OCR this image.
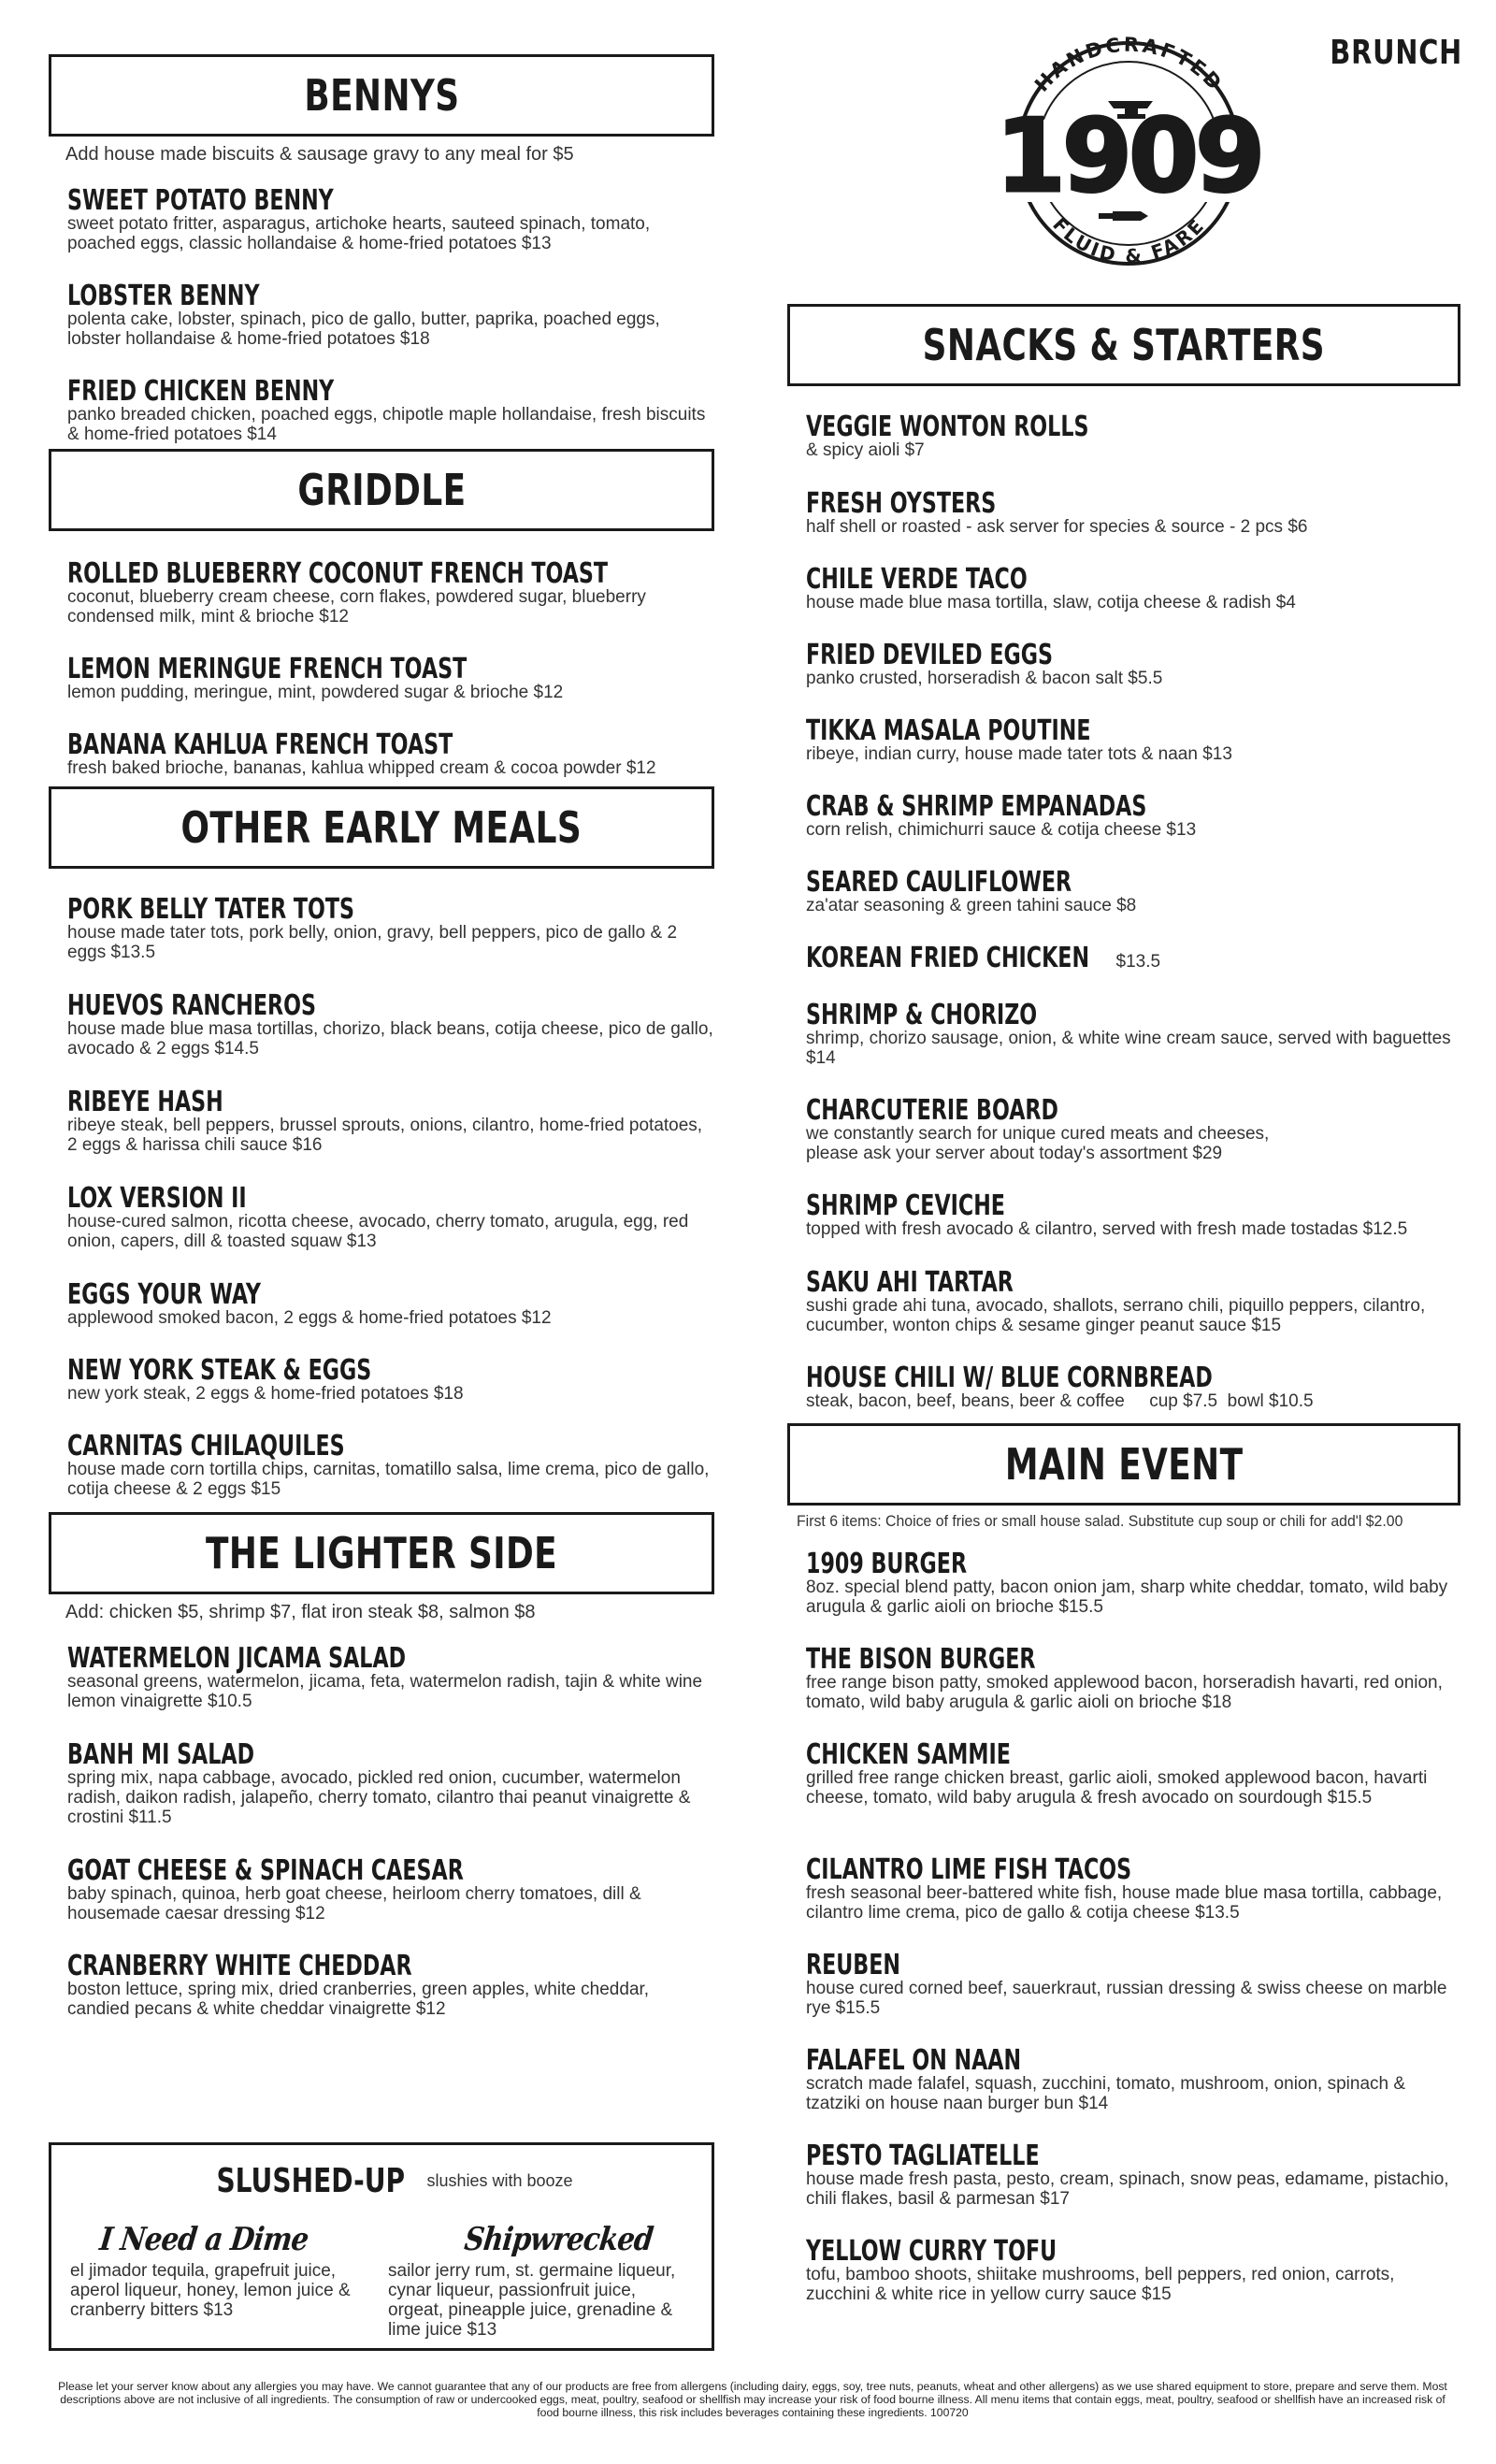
BRUNCH
HANDCRAFTED
FLUID & FARE
1909
BENNYS
Add house made biscuits & sausage gravy to any meal for $5
SWEET POTATO BENNY
sweet potato fritter, asparagus, artichoke hearts, sauteed spinach, tomato, poached eggs, classic hollandaise & home-fried potatoes $13
LOBSTER BENNY
polenta cake, lobster, spinach, pico de gallo, butter, paprika, poached eggs, lobster hollandaise & home-fried potatoes $18
FRIED CHICKEN BENNY
panko breaded chicken, poached eggs, chipotle maple hollandaise, fresh biscuits & home-fried potatoes $14
GRIDDLE
ROLLED BLUEBERRY COCONUT FRENCH TOAST
coconut, blueberry cream cheese, corn flakes, powdered sugar, blueberry condensed milk, mint & brioche $12
LEMON MERINGUE FRENCH TOAST
lemon pudding, meringue, mint, powdered sugar & brioche $12
BANANA KAHLUA FRENCH TOAST
fresh baked brioche, bananas, kahlua whipped cream & cocoa powder $12
OTHER EARLY MEALS
PORK BELLY TATER TOTS
house made tater tots, pork belly, onion, gravy, bell peppers, pico de gallo & 2 eggs $13.5
HUEVOS RANCHEROS
house made blue masa tortillas, chorizo, black beans, cotija cheese, pico de gallo, avocado & 2 eggs $14.5
RIBEYE HASH
ribeye steak, bell peppers, brussel sprouts, onions, cilantro, home-fried potatoes, 2 eggs & harissa chili sauce $16
LOX VERSION II
house-cured salmon, ricotta cheese, avocado, cherry tomato, arugula, egg, red onion, capers, dill & toasted squaw $13
EGGS YOUR WAY
applewood smoked bacon, 2 eggs & home-fried potatoes $12
NEW YORK STEAK & EGGS
new york steak, 2 eggs & home-fried potatoes $18
CARNITAS CHILAQUILES
house made corn tortilla chips, carnitas, tomatillo salsa, lime crema, pico de gallo, cotija cheese & 2 eggs $15
THE LIGHTER SIDE
Add: chicken $5, shrimp $7, flat iron steak $8, salmon $8
WATERMELON JICAMA SALAD
seasonal greens, watermelon, jicama, feta, watermelon radish, tajin & white wine lemon vinaigrette $10.5
BANH MI SALAD
spring mix, napa cabbage, avocado, pickled red onion, cucumber, watermelon radish, daikon radish, jalapeño, cherry tomato, cilantro thai peanut vinaigrette & crostini $11.5
GOAT CHEESE & SPINACH CAESAR
baby spinach, quinoa, herb goat cheese, heirloom cherry tomatoes, dill & housemade caesar dressing $12
CRANBERRY WHITE CHEDDAR
boston lettuce, spring mix, dried cranberries, green apples, white cheddar, candied pecans & white cheddar vinaigrette $12
SLUSHED-UP slushies with booze
I Need a Dime
el jimador tequila, grapefruit juice, aperol liqueur, honey, lemon juice & cranberry bitters $13
Shipwrecked
sailor jerry rum, st. germaine liqueur, cynar liqueur, passionfruit juice, orgeat, pineapple juice, grenadine & lime juice $13
SNACKS & STARTERS
VEGGIE WONTON ROLLS
& spicy aioli $7
FRESH OYSTERS
half shell or roasted - ask server for species & source - 2 pcs $6
CHILE VERDE TACO
house made blue masa tortilla, slaw, cotija cheese & radish $4
FRIED DEVILED EGGS
panko crusted, horseradish & bacon salt $5.5
TIKKA MASALA POUTINE
ribeye, indian curry, house made tater tots & naan $13
CRAB & SHRIMP EMPANADAS
corn relish, chimichurri sauce & cotija cheese $13
SEARED CAULIFLOWER
za'atar seasoning & green tahini sauce $8
KOREAN FRIED CHICKEN $13.5
SHRIMP & CHORIZO
shrimp, chorizo sausage, onion, & white wine cream sauce, served with baguettes $14
CHARCUTERIE BOARD
we constantly search for unique cured meats and cheeses, please ask your server about today's assortment $29
SHRIMP CEVICHE
topped with fresh avocado & cilantro, served with fresh made tostadas $12.5
SAKU AHI TARTAR
sushi grade ahi tuna, avocado, shallots, serrano chili, piquillo peppers, cilantro, cucumber, wonton chips & sesame ginger peanut sauce $15
HOUSE CHILI W/ BLUE CORNBREAD
steak, bacon, beef, beans, beer & coffee     cup $7.5  bowl $10.5
MAIN EVENT
First 6 items: Choice of fries or small house salad. Substitute cup soup or chili for add'l $2.00
1909 BURGER
8oz. special blend patty, bacon onion jam, sharp white cheddar, tomato, wild baby arugula & garlic aioli on brioche $15.5
THE BISON BURGER
free range bison patty, smoked applewood bacon, horseradish havarti, red onion, tomato, wild baby arugula & garlic aioli on brioche $18
CHICKEN SAMMIE
grilled free range chicken breast, garlic aioli, smoked applewood bacon, havarti cheese, tomato, wild baby arugula & fresh avocado on sourdough $15.5
CILANTRO LIME FISH TACOS
fresh seasonal beer-battered white fish, house made blue masa tortilla, cabbage, cilantro lime crema, pico de gallo & cotija cheese $13.5
REUBEN
house cured corned beef, sauerkraut, russian dressing & swiss cheese on marble rye $15.5
FALAFEL ON NAAN
scratch made falafel, squash, zucchini, tomato, mushroom, onion, spinach & tzatziki on house naan burger bun $14
PESTO TAGLIATELLE
house made fresh pasta, pesto, cream, spinach, snow peas, edamame, pistachio, chili flakes, basil & parmesan $17
YELLOW CURRY TOFU
tofu, bamboo shoots, shiitake mushrooms, bell peppers, red onion, carrots, zucchini & white rice in yellow curry sauce $15
Please let your server know about any allergies you may have. We cannot guarantee that any of our products are free from allergens (including dairy, eggs, soy, tree nuts, peanuts, wheat and other allergens) as we use shared equipment to store, prepare and serve them. Most descriptions above are not inclusive of all ingredients. The consumption of raw or undercooked eggs, meat, poultry, seafood or shellfish may increase your risk of food bourne illness. All menu items that contain eggs, meat, poultry, seafood or shellfish have an increased risk of food bourne illness, this risk includes beverages containing these ingredients. 100720
